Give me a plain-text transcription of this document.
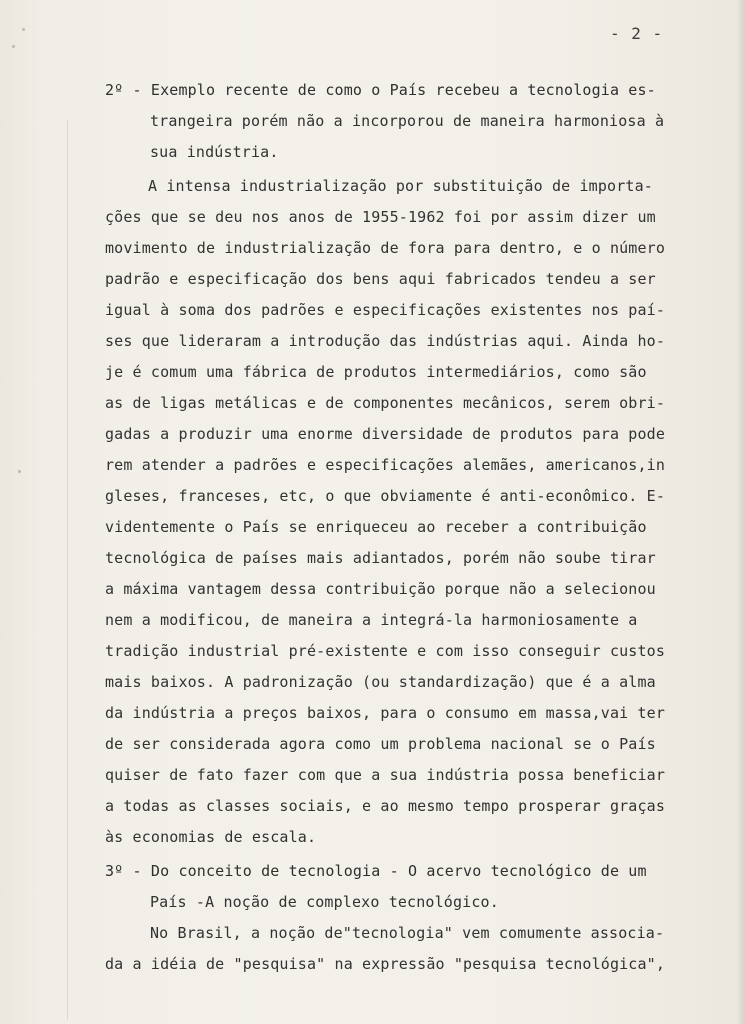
- 2 -
2º - Exemplo recente de como o País recebeu a tecnologia es-
trangeira porém não a incorporou de maneira harmoniosa à
sua indústria.
A intensa industrialização por substituição de importa-
ções que se deu nos anos de 1955-1962 foi por assim dizer um
movimento de industrialização de fora para dentro, e o número
padrão e especificação dos bens aqui fabricados tendeu a ser
igual à soma dos padrões e especificações existentes nos paí-
ses que lideraram a introdução das indústrias aqui. Ainda ho-
je é comum uma fábrica de produtos intermediários, como são
as de ligas metálicas e de componentes mecânicos, serem obri-
gadas a produzir uma enorme diversidade de produtos para pode
rem atender a padrões e especificações alemães, americanos,in
gleses, franceses, etc, o que obviamente é anti-econômico. E-
videntemente o País se enriqueceu ao receber a contribuição
tecnológica de países mais adiantados, porém não soube tirar
a máxima vantagem dessa contribuição porque não a selecionou
nem a modificou, de maneira a integrá-la harmoniosamente a
tradição industrial pré-existente e com isso conseguir custos
mais baixos. A padronização (ou standardização) que é a alma
da indústria a preços baixos, para o consumo em massa,vai ter
de ser considerada agora como um problema nacional se o País
quiser de fato fazer com que a sua indústria possa beneficiar
a todas as classes sociais, e ao mesmo tempo prosperar graças
às economias de escala.
3º - Do conceito de tecnologia - O acervo tecnológico de um
País -A noção de complexo tecnológico.
No Brasil, a noção de"tecnologia" vem comumente associa-
da a idéia de "pesquisa" na expressão "pesquisa tecnológica",
